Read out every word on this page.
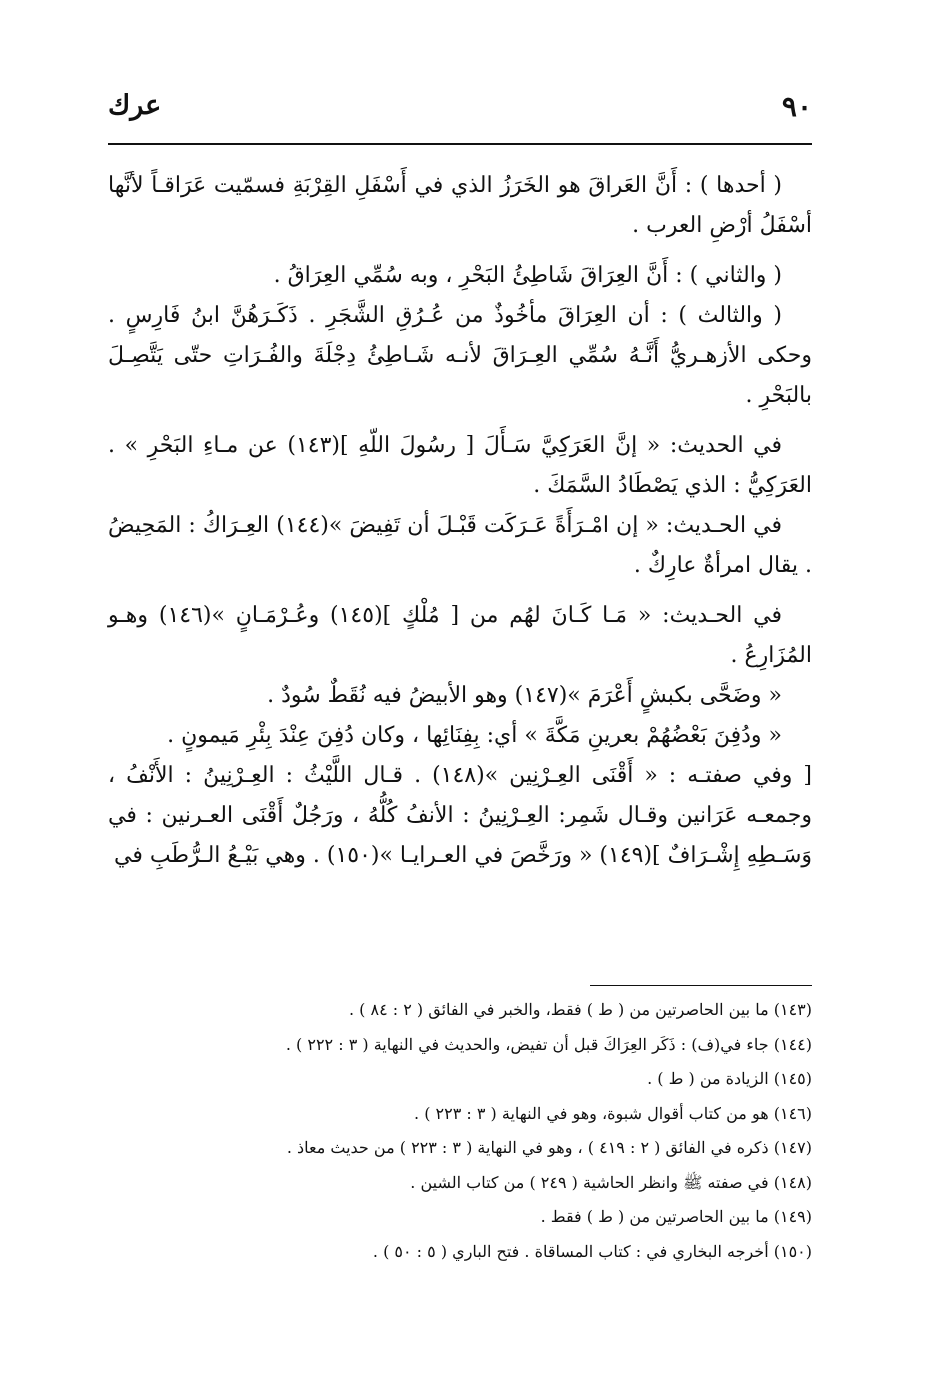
عرك	٩٠

( أحدها ) : أَنَّ العَراقَ هو الخَرَزُ الذي في أَسْفَلِ القِرْبَةِ فسمّيت عَرَاقـاً لأنَّها أسْفَلُ أرْضِ العرب .

( والثاني ) : أَنَّ العِرَاقَ شَاطِئُ البَحْرِ ، وبه سُمِّي العِرَاقُ .

( والثالث ) : أن العِرَاقَ مأخُوذٌ من عُـرُقِ الشَّجَرِ . ذَكَـرَهُنَّ ابنُ فَارِسٍ . وحكى الأزهـريُّ أَنَّـهُ سُمِّي العِـرَاقَ لأنـه شَـاطِئُ دِجْلَةَ والفُـرَاتِ حتّى يَتَّصِـلَ بالبَحْرِ .

في الحديث: « إنَّ العَرَكِيَّ سَـأَلَ [ رسُولَ اللّهِ ](١٤٣) عن مـاءِ البَحْرِ » . العَرَكِيُّ : الذي يَصْطَادُ السَّمَكَ .

في الحـديث: « إن امْـرَأَةً عَـرَكَت قَبْـلَ أن تَفِيضَ »(١٤٤) العِـرَاكُ : المَحِيضُ . يقال امرأةٌ عارِكٌ .

في الحـديث: « مَـا كَـانَ لهُم من [ مُلْكٍ ](١٤٥) وعُـرْمَـانٍ »(١٤٦) وهـو المُزَارِعُ .

« وضَحَّى بكبشٍ أَعْرَمَ »(١٤٧) وهو الأبيضُ فيه نُقَطٌ سُودٌ .

« ودُفِنَ بَعْضُهُمْ بعرينِ مَكَّةَ » أي: بِفِنَائِها ، وكان دُفِنَ عِنْدَ بِئْرِ مَيمونٍ .

[ وفي صفتـه : « أَقْنَى العِـرْنِين »(١٤٨) . قـال اللَّيْثُ : العِـرْنِينُ : الأَنْفُ ، وجمعـه عَرَانين وقـال شَمِر: العِـرْنِينُ : الأنفُ كُلُّهُ ، ورَجُلٌ أَقْنَى العـرنين : في وَسَـطِهِ إِشْـرَافٌ ](١٤٩) « ورَخَّصَ في العـرايـا »(١٥٠) . وهي بَيْـعُ الـرُّطَبِ في

(١٤٣) ما بين الحاصرتين من ( ط ) فقط، والخبر في الفائق ( ٢ : ٨٤ ) .
(١٤٤) جاء في(ف) : ذَكَر العِرَاكَ قبل أن تفيض، والحديث في النهاية ( ٣ : ٢٢٢ ) .
(١٤٥) الزيادة من ( ط ) .
(١٤٦) هو من كتاب أقوال شبوة، وهو في النهاية ( ٣ : ٢٢٣ ) .
(١٤٧) ذكره في الفائق ( ٢ : ٤١٩ ) ، وهو في النهاية ( ٣ : ٢٢٣ ) من حديث معاذ .
(١٤٨) في صفته ﷺ وانظر الحاشية ( ٢٤٩ ) من كتاب الشين .
(١٤٩) ما بين الحاصرتين من ( ط ) فقط .
(١٥٠) أخرجه البخاري في : كتاب المساقاة . فتح الباري ( ٥ : ٥٠ ) .
